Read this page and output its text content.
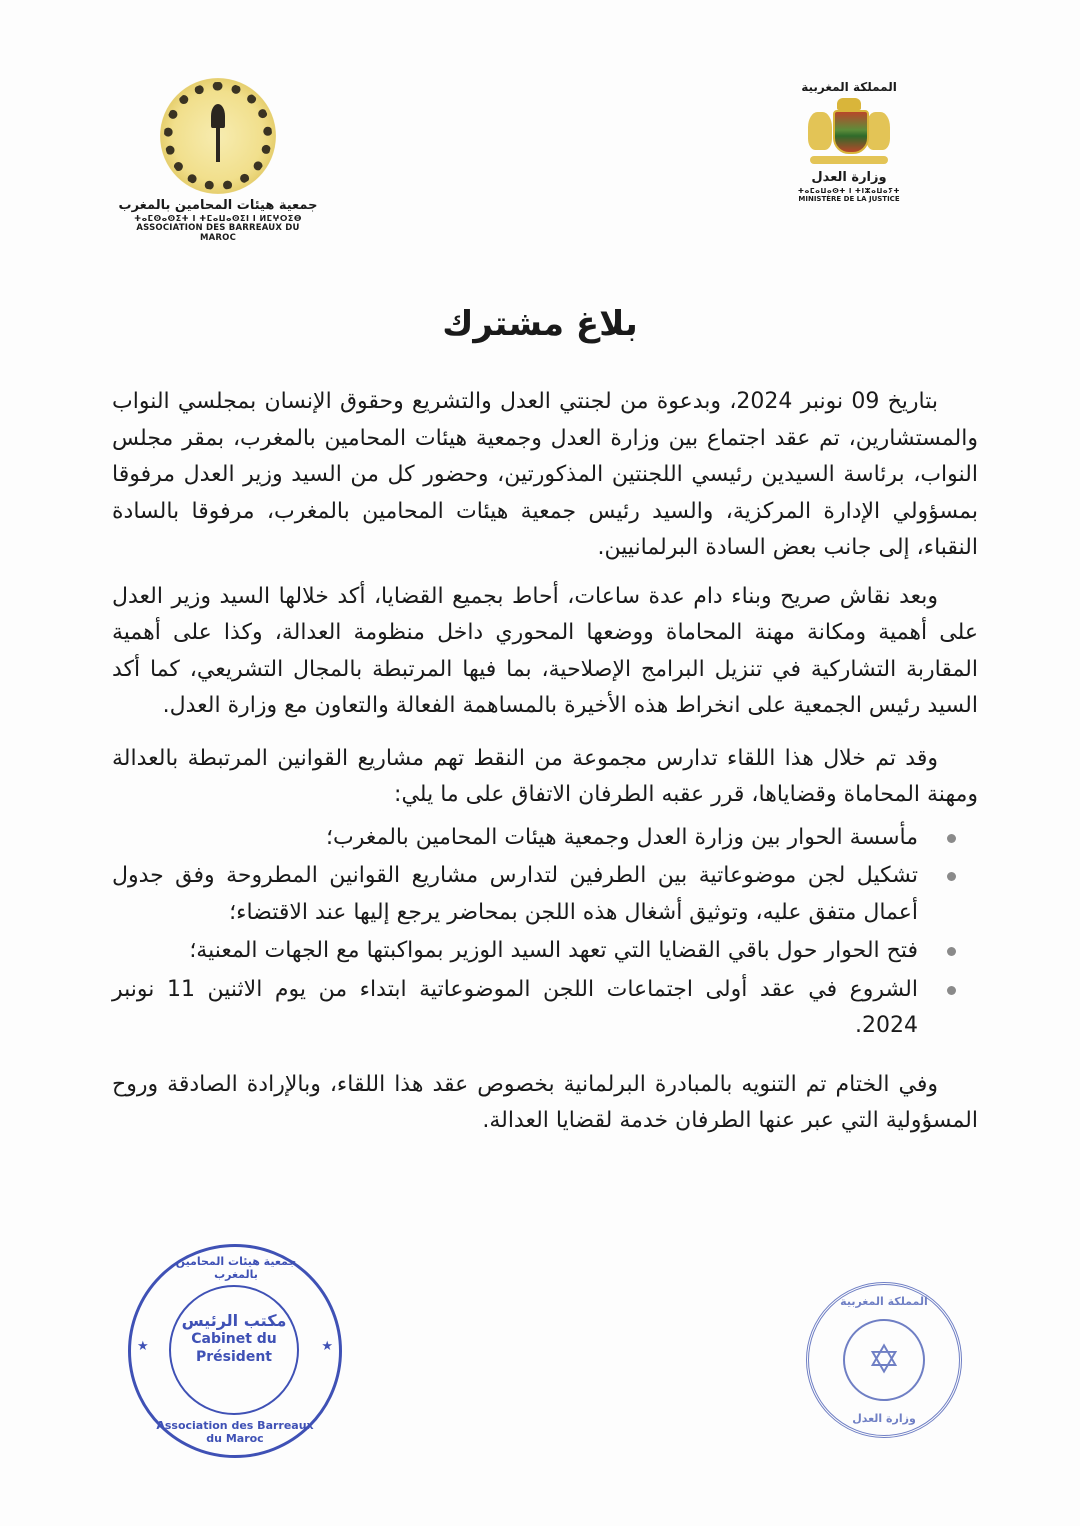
جمعية هيئات المحامين بالمغرب
ⵜⴰⵎⵙⴰⵙⵉⵜ ⵏ ⵜⵎⴰⵡⴰⵙⵉⵏ ⵏ ⵍⵎⵖⵔⵉⴱ
ASSOCIATION DES BARREAUX DU MAROC
المملكة المغربية
وزارة العدل
ⵜⴰⵎⴰⵡⴰⵙⵜ ⵏ ⵜⵏⵣⴰⵡⴰⵢⵜ
MINISTÈRE DE LA JUSTICE
بلاغ مشترك

بتاريخ 09 نونبر 2024، وبدعوة من لجنتي العدل والتشريع وحقوق الإنسان بمجلسي النواب والمستشارين، تم عقد اجتماع بين وزارة العدل وجمعية هيئات المحامين بالمغرب، بمقر مجلس النواب، برئاسة السيدين رئيسي اللجنتين المذكورتين، وحضور كل من السيد وزير العدل مرفوقا بمسؤولي الإدارة المركزية، والسيد رئيس جمعية هيئات المحامين بالمغرب، مرفوقا بالسادة النقباء، إلى جانب بعض السادة البرلمانيين.

وبعد نقاش صريح وبناء دام عدة ساعات، أحاط بجميع القضايا، أكد خلالها السيد وزير العدل على أهمية ومكانة مهنة المحاماة ووضعها المحوري داخل منظومة العدالة، وكذا على أهمية المقاربة التشاركية في تنزيل البرامج الإصلاحية، بما فيها المرتبطة بالمجال التشريعي، كما أكد السيد رئيس الجمعية على انخراط هذه الأخيرة بالمساهمة الفعالة والتعاون مع وزارة العدل.

وقد تم خلال هذا اللقاء تدارس مجموعة من النقط تهم مشاريع القوانين المرتبطة بالعدالة ومهنة المحاماة وقضاياها، قرر عقبه الطرفان الاتفاق على ما يلي:

مأسسة الحوار بين وزارة العدل وجمعية هيئات المحامين بالمغرب؛
تشكيل لجن موضوعاتية بين الطرفين لتدارس مشاريع القوانين المطروحة وفق جدول أعمال متفق عليه، وتوثيق أشغال هذه اللجن بمحاضر يرجع إليها عند الاقتضاء؛
فتح الحوار حول باقي القضايا التي تعهد السيد الوزير بمواكبتها مع الجهات المعنية؛
الشروع في عقد أولى اجتماعات اللجن الموضوعاتية ابتداء من يوم الاثنين 11 نونبر 2024.

وفي الختام تم التنويه بالمبادرة البرلمانية بخصوص عقد هذا اللقاء، وبالإرادة الصادقة وروح المسؤولية التي عبر عنها الطرفان خدمة لقضايا العدالة.

جمعية هيئات المحامين بالمغرب
★	★
مكتب الرئيس
Cabinet du
Président
Association des Barreaux du Maroc
المملكة المغربية
✡
وزارة العدل
